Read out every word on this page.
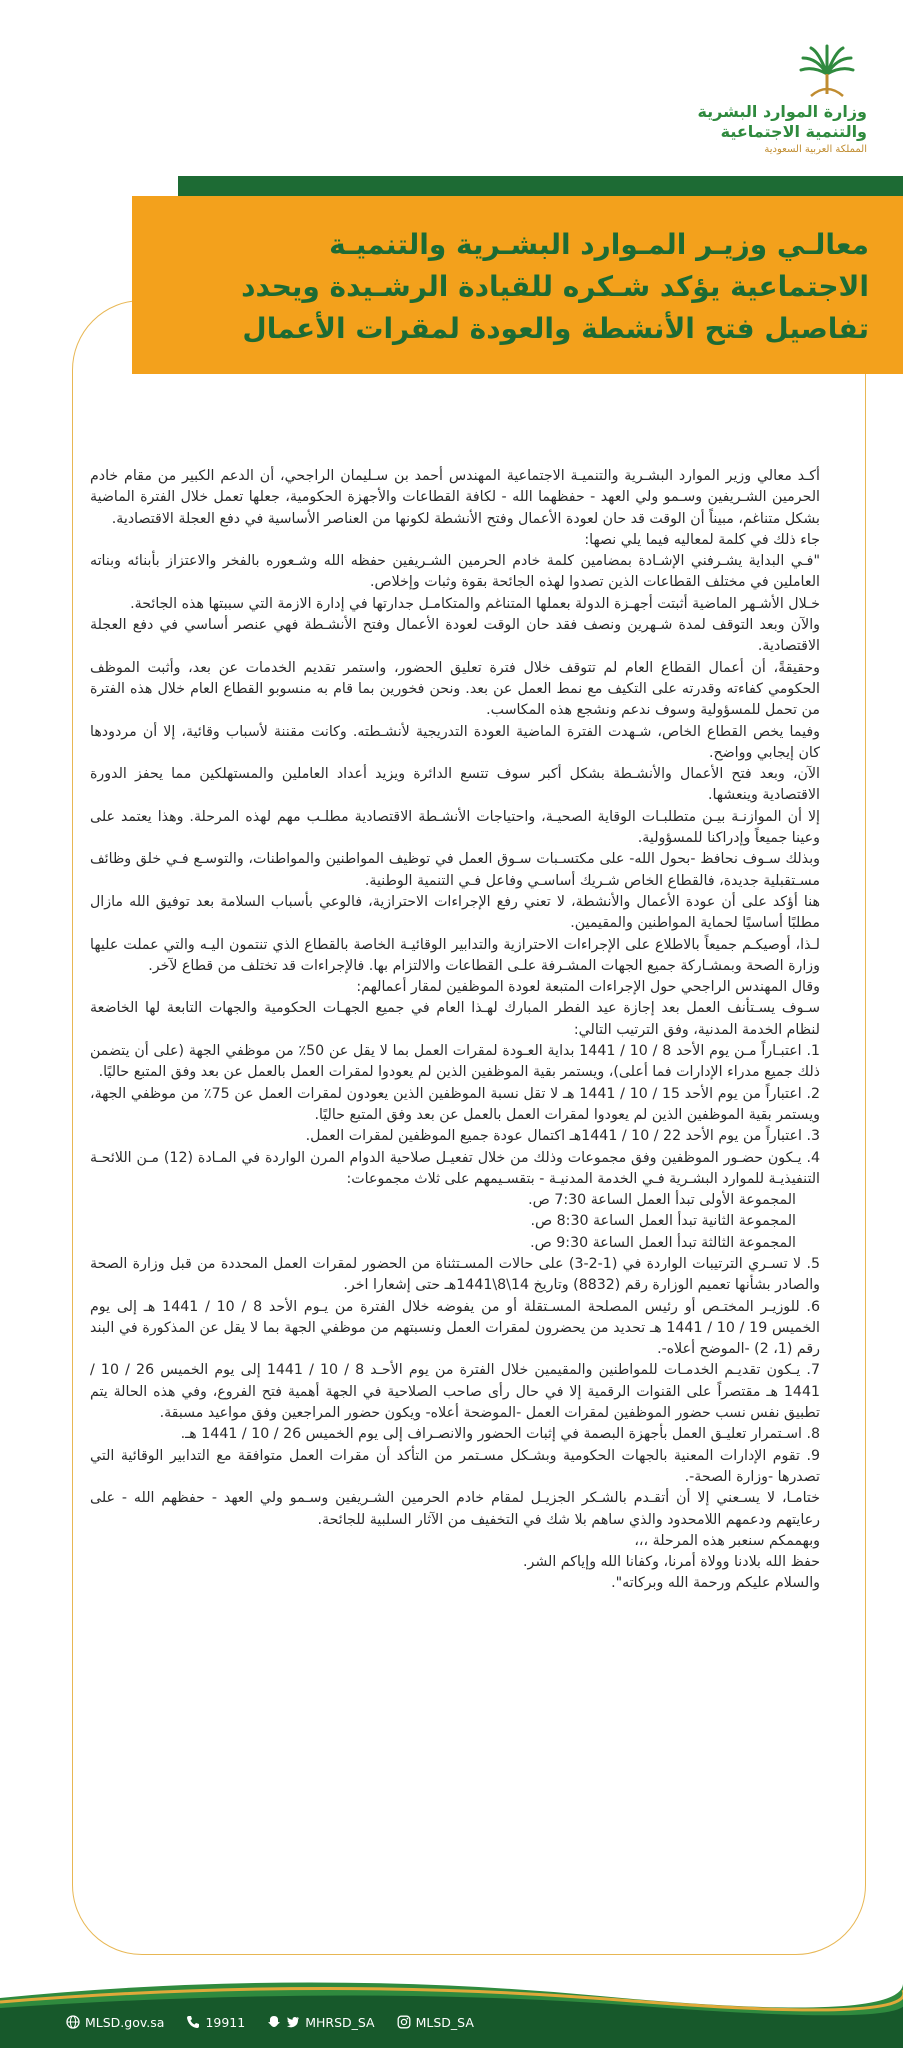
وزارة الموارد البشرية
والتنمية الاجتماعية
المملكة العربية السعودية
معالـي وزيـر المـوارد البشـرية والتنميـة
الاجتماعية يؤكد شـكره للقيادة الرشـيدة ويحدد
تفاصيل فتح الأنشطة والعودة لمقرات الأعمال

أكـد معالي وزير الموارد البشـرية والتنميـة الاجتماعية المهندس أحمد بن سـليمان الراجحي، أن الدعم الكبير من مقام خادم الحرمين الشـريفين وسـمو ولي العهد - حفظهما الله - لكافة القطاعات والأجهزة الحكومية، جعلها تعمل خلال الفترة الماضية بشكل متناغم، مبيناً أن الوقت قد حان لعودة الأعمال وفتح الأنشطة لكونها من العناصر الأساسية في دفع العجلة الاقتصادية.

جاء ذلك في كلمة لمعاليه فيما يلي نصها:

"فـي البداية يشـرفني الإشـادة بمضامين كلمة خادم الحرمين الشـريفين حفظه الله وشـعوره بالفخر والاعتزاز بأبنائه وبناته العاملين في مختلف القطاعات الذين تصدوا لهذه الجائحة بقوة وثبات وإخلاص.

خـلال الأشـهر الماضية أثبتت أجهـزة الدولة بعملها المتناغم والمتكامـل جدارتها في إدارة الازمة التي سببتها هذه الجائحة.

والآن وبعد التوقف لمدة شـهرين ونصف فقد حان الوقت لعودة الأعمال وفتح الأنشـطة فهي عنصر أساسي في دفع العجلة الاقتصادية.

وحقيقةً، أن أعمال القطاع العام لم تتوقف خلال فترة تعليق الحضور، واستمر تقديم الخدمات عن بعد، وأثبت الموظف الحكومي كفاءته وقدرته على التكيف مع نمط العمل عن بعد. ونحن فخورين بما قام به منسوبو القطاع العام خلال هذه الفترة من تحمل للمسؤولية وسوف ندعم ونشجع هذه المكاسب.

وفيما يخص القطاع الخاص، شـهدت الفترة الماضية العودة التدريجية لأنشـطته. وكانت مقننة لأسباب وقائية، إلا أن مردودها كان إيجابي وواضح.

الآن، وبعد فتح الأعمال والأنشـطة بشكل أكبر سوف تتسع الدائرة ويزيد أعداد العاملين والمستهلكين مما يحفز الدورة الاقتصادية وينعشها.

إلا أن الموازنـة بيـن متطلبـات الوقاية الصحيـة، واحتياجات الأنشـطة الاقتصادية مطلـب مهم لهذه المرحلة. وهذا يعتمد على وعينا جميعاً وإدراكنا للمسؤولية.

وبذلك سـوف نحافظ -بحول الله- على مكتسـبات سـوق العمل في توظيف المواطنين والمواطنات، والتوسـع فـي خلق وظائف مسـتقبلية جديدة، فالقطاع الخاص شـريك أساسـي وفاعل فـي التنمية الوطنية.

هنا أؤكد على أن عودة الأعمال والأنشطة، لا تعني رفع الإجراءات الاحترازية، فالوعي بأسباب السلامة بعد توفيق الله مازال مطلبًا أساسيًا لحماية المواطنين والمقيمين.

لـذا، أوصيكـم جميعاً بالاطلاع على الإجراءات الاحترازية والتدابير الوقائيـة الخاصة بالقطاع الذي تنتمون اليـه والتي عملت عليها وزارة الصحة وبمشـاركة جميع الجهات المشـرفة علـى القطاعات والالتزام بها. فالإجراءات قد تختلف من قطاع لآخر.

وقال المهندس الراجحي حول الإجراءات المتبعة لعودة الموظفين لمقار أعمالهم:

سـوف يسـتأنف العمل بعد إجازة عيد الفطر المبارك لهـذا العام في جميع الجهـات الحكومية والجهات التابعة لها الخاضعة لنظام الخدمة المدنية، وفق الترتيب التالي:

1. اعتبـاراً مـن يوم الأحد 8 / 10 / 1441 بداية العـودة لمقرات العمل بما لا يقل عن 50٪ من موظفي الجهة (على أن يتضمن ذلك جميع مدراء الإدارات فما أعلى)، ويستمر بقية الموظفين الذين لم يعودوا لمقرات العمل بالعمل عن بعد وفق المتبع حاليًا.

2. اعتباراً من يوم الأحد 15 / 10 / 1441 هـ لا تقل نسبة الموظفين الذين يعودون لمقرات العمل عن 75٪ من موظفي الجهة، ويستمر بقية الموظفين الذين لم يعودوا لمقرات العمل بالعمل عن بعد وفق المتبع حاليًا.

3. اعتباراً من يوم الأحد 22 / 10 / 1441هـ اكتمال عودة جميع الموظفين لمقرات العمل.

4. يـكون حضـور الموظفين وفق مجموعات وذلك من خلال تفعيـل صلاحية الدوام المرن الواردة في المـادة (12) مـن اللائحـة التنفيذيـة للموارد البشـرية فـي الخدمة المدنيـة - بتقسـيمهم على ثلاث مجموعات:

المجموعة الأولى تبدأ العمل الساعة 7:30 ص.

المجموعة الثانية تبدأ العمل الساعة 8:30 ص.

المجموعة الثالثة تبدأ العمل الساعة 9:30 ص.

5. لا تسـري الترتيبات الواردة في (1-2-3) على حالات المسـتثناة من الحضور لمقرات العمل المحددة من قبل وزارة الصحة والصادر بشأنها تعميم الوزارة رقم (8832) وتاريخ 14\8\1441هـ حتى إشعارا اخر.

6. للوزيـر المختـص أو رئيس المصلحة المسـتقلة أو من يفوضه خلال الفترة من يـوم الأحد 8 / 10 / 1441 هـ إلى يوم الخميس 19 / 10 / 1441 هـ تحديد من يحضرون لمقرات العمل ونسبتهم من موظفي الجهة بما لا يقل عن المذكورة في البند رقم (1، 2) -الموضح أعلاه-.

7. يـكون تقديـم الخدمـات للمواطنين والمقيمين خلال الفترة من يوم الأحـد 8 / 10 / 1441 إلى يوم الخميس 26 / 10 / 1441 هـ مقتصراً على القنوات الرقمية إلا في حال رأى صاحب الصلاحية في الجهة أهمية فتح الفروع، وفي هذه الحالة يتم تطبيق نفس نسب حضور الموظفين لمقرات العمل -الموضحة أعلاه- ويكون حضور المراجعين وفق مواعيد مسبقة.

8. اسـتمرار تعليـق العمل بأجهزة البصمة في إثبات الحضور والانصـراف إلى يوم الخميس 26 / 10 / 1441 هـ.

9. تقوم الإدارات المعنية بالجهات الحكومية وبشـكل مسـتمر من التأكد أن مقرات العمل متوافقة مع التدابير الوقائية التي تصدرها -وزارة الصحة-.

ختامـا، لا يسـعني إلا أن أتقـدم بالشـكر الجزيـل لمقام خادم الحرمين الشـريفين وسـمو ولي العهد - حفظهم الله - على رعايتهم ودعمهم اللامحدود والذي ساهم بلا شك في التخفيف من الآثار السلبية للجائحة.

وبهممكم سنعبر هذه المرحلة ،،،

حفظ الله بلادنا وولاة أمرنا، وكفانا الله وإياكم الشر.

والسلام عليكم ورحمة الله وبركاته".

MLSD.gov.sa	19911	MHRSD_SA	MLSD_SA
